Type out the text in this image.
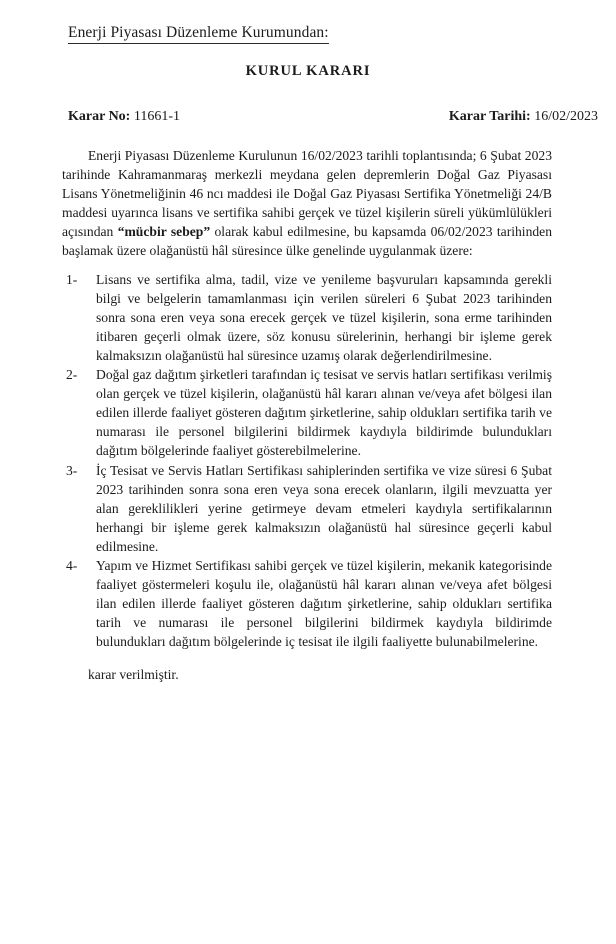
Enerji Piyasası Düzenleme Kurumundan:
KURUL KARARI
Karar No: 11661-1	Karar Tarihi: 16/02/2023

Enerji Piyasası Düzenleme Kurulunun 16/02/2023 tarihli toplantısında; 6 Şubat 2023 tarihinde Kahramanmaraş merkezli meydana gelen depremlerin Doğal Gaz Piyasası Lisans Yönetmeliğinin 46 ncı maddesi ile Doğal Gaz Piyasası Sertifika Yönetmeliği 24/B maddesi uyarınca lisans ve sertifika sahibi gerçek ve tüzel kişilerin süreli yükümlülükleri açısından “mücbir sebep” olarak kabul edilmesine, bu kapsamda 06/02/2023 tarihinden başlamak üzere olağanüstü hâl süresince ülke genelinde uygulanmak üzere:

1-	Lisans ve sertifika alma, tadil, vize ve yenileme başvuruları kapsamında gerekli bilgi ve belgelerin tamamlanması için verilen süreleri 6 Şubat 2023 tarihinden sonra sona eren veya sona erecek gerçek ve tüzel kişilerin, sona erme tarihinden itibaren geçerli olmak üzere, söz konusu sürelerinin, herhangi bir işleme gerek kalmaksızın olağanüstü hal süresince uzamış olarak değerlendirilmesine.
2-	Doğal gaz dağıtım şirketleri tarafından iç tesisat ve servis hatları sertifikası verilmiş olan gerçek ve tüzel kişilerin, olağanüstü hâl kararı alınan ve/veya afet bölgesi ilan edilen illerde faaliyet gösteren dağıtım şirketlerine, sahip oldukları sertifika tarih ve numarası ile personel bilgilerini bildirmek kaydıyla bildirimde bulundukları dağıtım bölgelerinde faaliyet gösterebilmelerine.
3-	İç Tesisat ve Servis Hatları Sertifikası sahiplerinden sertifika ve vize süresi 6 Şubat 2023 tarihinden sonra sona eren veya sona erecek olanların, ilgili mevzuatta yer alan gereklilikleri yerine getirmeye devam etmeleri kaydıyla sertifikalarının herhangi bir işleme gerek kalmaksızın olağanüstü hal süresince geçerli kabul edilmesine.
4-	Yapım ve Hizmet Sertifikası sahibi gerçek ve tüzel kişilerin, mekanik kategorisinde faaliyet göstermeleri koşulu ile, olağanüstü hâl kararı alınan ve/veya afet bölgesi ilan edilen illerde faaliyet gösteren dağıtım şirketlerine, sahip oldukları sertifika tarih ve numarası ile personel bilgilerini bildirmek kaydıyla bildirimde bulundukları dağıtım bölgelerinde iç tesisat ile ilgili faaliyette bulunabilmelerine.

karar verilmiştir.
